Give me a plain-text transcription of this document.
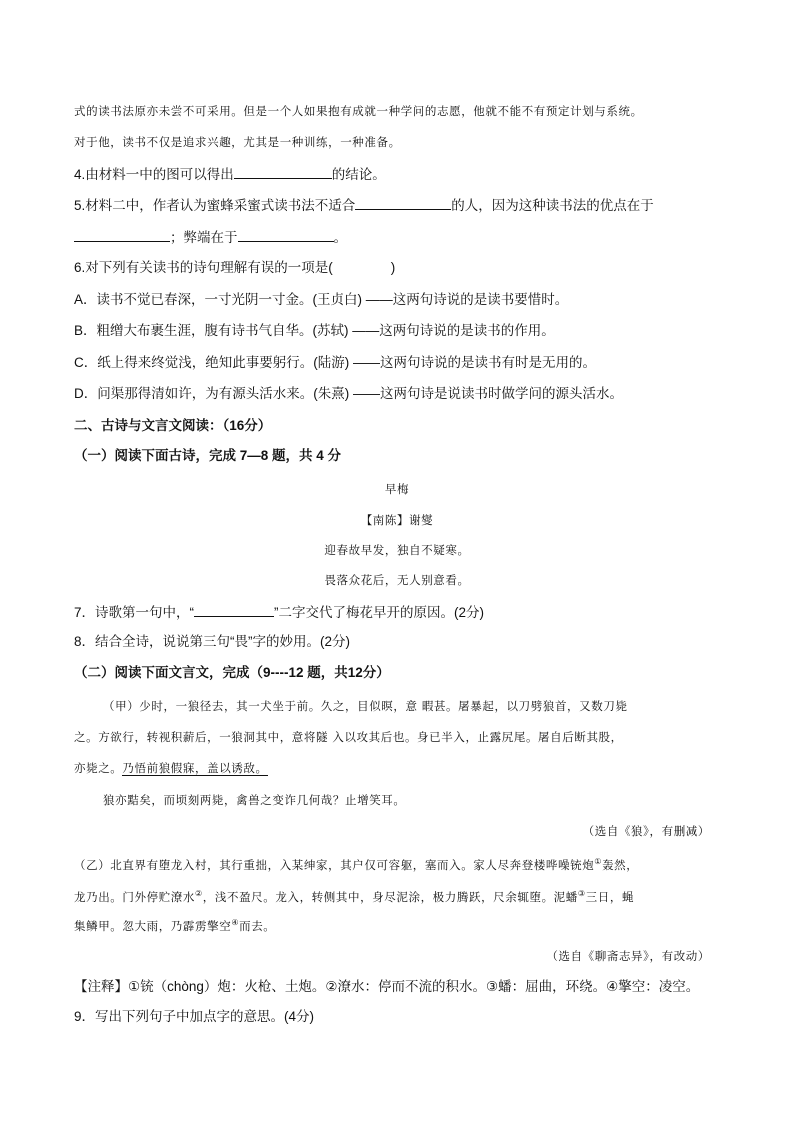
式的读书法原亦未尝不可采用。但是一个人如果抱有成就一种学问的志愿，他就不能不有预定计划与系统。
对于他，读书不仅是追求兴趣，尤其是一种训练，一种准备。
4.由材料一中的图可以得出	的结论。
5.材料二中，作者认为蜜蜂采蜜式读书法不适合	的人，因为这种读书法的优点在于
；弊端在于	。
6.对下列有关读书的诗句理解有误的一项是(	)
A．读书不觉已春深，一寸光阴一寸金。(王贞白) ——这两句诗说的是读书要惜时。
B．粗缯大布裹生涯，腹有诗书气自华。(苏轼) ——这两句诗说的是读书的作用。
C．纸上得来终觉浅，绝知此事要躬行。(陆游) ——这两句诗说的是读书有时是无用的。
D．问渠那得清如许，为有源头活水来。(朱熹) ——这两句诗是说读书时做学问的源头活水。
二、古诗与文言文阅读：（16分）
（一）阅读下面古诗，完成 7—8 题，共 4 分
早梅
【南陈】谢燮
迎春故早发，独自不疑寒。
畏落众花后，无人别意看。
7．诗歌第一句中，“	”二字交代了梅花早开的原因。(2分)
8．结合全诗，说说第三句“畏”字的妙用。(2分)
（二）阅读下面文言文，完成（9----12 题，共12分）
（甲）少时，一狼径去，其一犬坐于前。久之，目似暝，意 暇甚。屠暴起，以刀劈狼首，又数刀毙
之。方欲行，转视积薪后，一狼洞其中，意将隧 入以攻其后也。身已半入，止露尻尾。屠自后断其股，
亦毙之。乃悟前狼假寐，盖以诱敌。
狼亦黠矣，而顷刻两毙，禽兽之变诈几何哉？止增笑耳。
（选自《狼》，有删减）
（乙）北直界有堕龙入村，其行重拙，入某绅家，其户仅可容躯，塞而入。家人尽奔登楼哗噪铳炮①轰然，
龙乃出。门外停贮潦水②，浅不盈尺。龙入，转侧其中，身尽泥涂，极力腾跃，尺余辄堕。泥蟠③三日，蝇
集鳞甲。忽大雨，乃霹雳擎空④而去。
（选自《聊斋志异》，有改动）
【注释】①铳（chòng）炮：火枪、土炮。②潦水：停而不流的积水。③蟠：屈曲，环绕。④擎空：凌空。
9．写出下列句子中加点字的意思。(4分)
